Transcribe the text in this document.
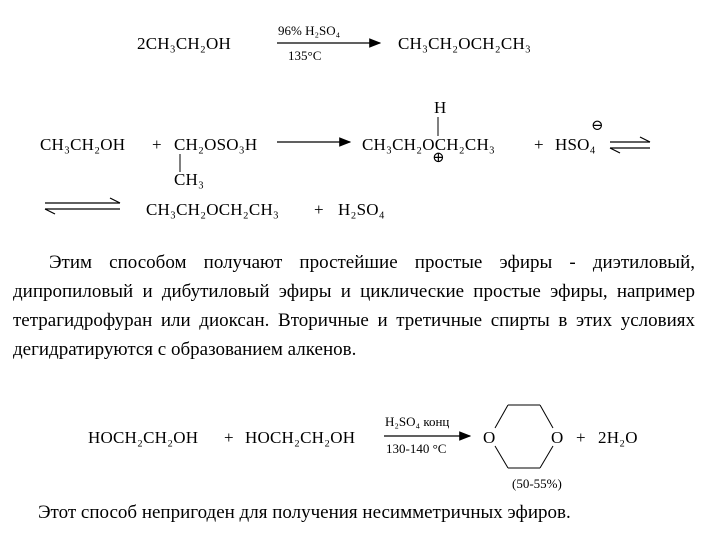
2CH₃CH₂OH
96% H₂SO₄
135°C
CH₃CH₂OCH₂CH₃
CH₃CH₂OH + CH₂OSO₃H
CH₃
H
CH₃CH₂OCH₂CH₃
⊕
+ HSO₄
⊖
CH₃CH₂OCH₂CH₃ + H₂SO₄
Этим способом получают простейшие простые эфиры - диэтиловый, дипропиловый и дибутиловый эфиры и циклические простые эфиры, например тетрагидрофуран или диоксан. Вторичные и третичные спирты в этих условиях дегидратируются с образованием алкенов.
HOCH₂CH₂OH + HOCH₂CH₂OH
H₂SO₄ конц
130-140 °C
O	O + 2H₂O
(50-55%)
Этот способ непригоден для получения несимметричных эфиров.
